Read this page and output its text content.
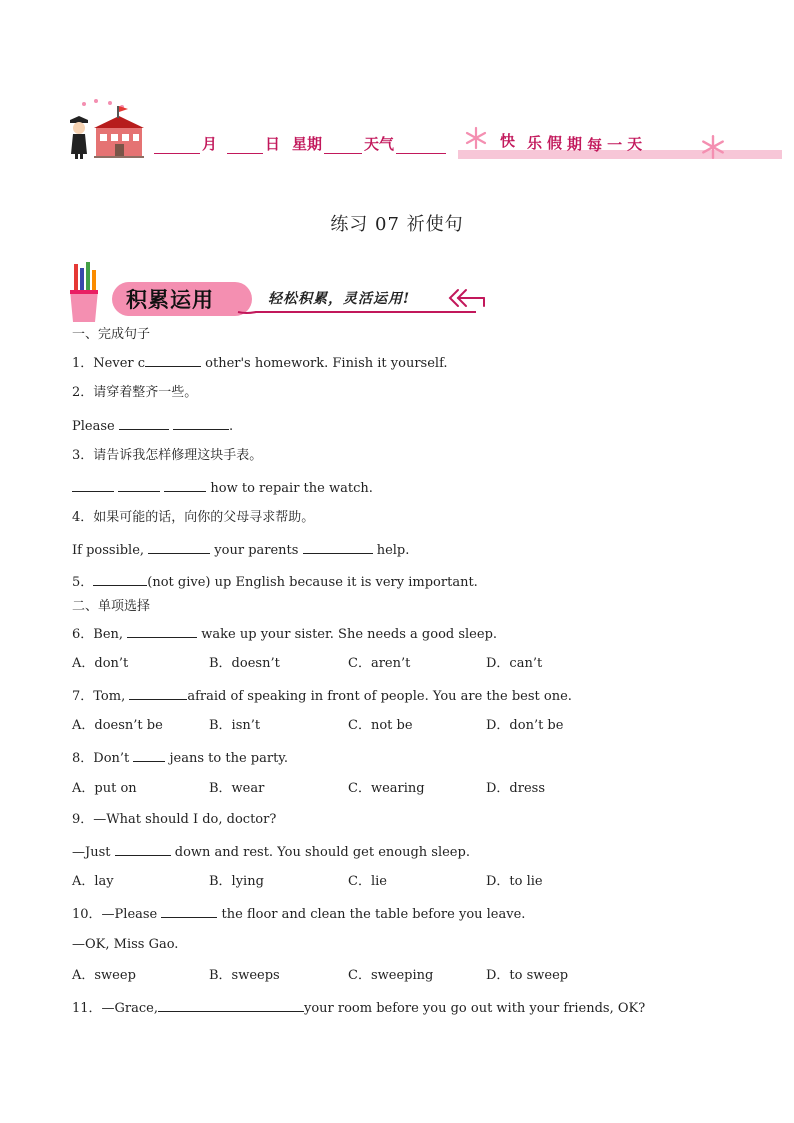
月	日 星期	天气	快 乐 假 期 每 一 天
练习 07 祈使句
积累运用	轻松积累，灵活运用!
一、完成句子
1．Never c	other's homework. Finish it yourself.
2．请穿着整齐一些。
Please	.
3．请告诉我怎样修理这块手表。
how to repair the watch.
4．如果可能的话，向你的父母寻求帮助。
If possible,	your parents	help.
5．	(not give) up English because it is very important.
二、单项选择
6．Ben,	wake up your sister. She needs a good sleep.
A．don’t	B．doesn’t	C．aren’t	D．can’t
7．Tom,	afraid of speaking in front of people. You are the best one.
A．doesn’t be	B．isn’t	C．not be	D．don’t be
8．Don’t  jeans to the party.
A．put on	B．wear	C．wearing	D．dress
9．—What should I do, doctor?
—Just	down and rest. You should get enough sleep.
A．lay	B．lying	C．lie	D．to lie
10．—Please	the floor and clean the table before you leave.
—OK, Miss Gao.
A．sweep	B．sweeps	C．sweeping	D．to sweep
11．—Grace,	your room before you go out with your friends, OK?
